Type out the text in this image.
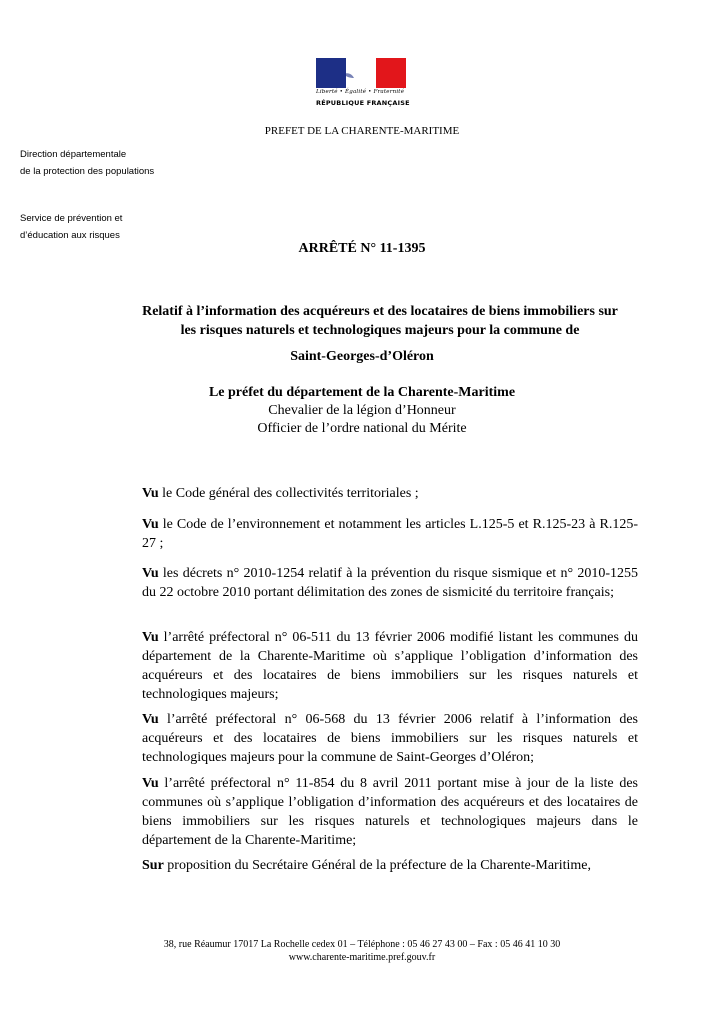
Liberté • Égalité • Fraternité
RÉPUBLIQUE FRANÇAISE
PREFET DE LA CHARENTE-MARITIME
Direction départementale
de la protection des populations
Service de prévention et
d’éducation aux risques
ARRÊTÉ N° 11-1395
Relatif à l’information des acquéreurs et des locataires de biens immobiliers sur
les risques naturels et technologiques majeurs pour la commune de
Saint-Georges-d’Oléron
Le préfet du département de la Charente-Maritime
Chevalier de la légion d’Honneur
Officier de l’ordre national du Mérite
Vu le Code général des collectivités territoriales ;
Vu le Code de l’environnement et notamment les articles L.125-5 et R.125-23 à R.125-27 ;
Vu les décrets n° 2010-1254 relatif à la prévention du risque sismique et n° 2010-1255 du 22 octobre 2010 portant délimitation des zones de sismicité du territoire français;
Vu l’arrêté préfectoral n° 06-511 du 13 février 2006 modifié listant les communes du département de la Charente-Maritime où s’applique l’obligation d’information des acquéreurs et des locataires de biens immobiliers sur les risques naturels et technologiques majeurs;
Vu l’arrêté préfectoral n° 06-568 du 13 février 2006 relatif à l’information des acquéreurs et des locataires de biens immobiliers sur les risques naturels et technologiques majeurs pour la commune de Saint-Georges d’Oléron;
Vu l’arrêté préfectoral n° 11-854 du 8 avril 2011 portant mise à jour de la liste des communes où s’applique l’obligation d’information des acquéreurs et des locataires de biens immobiliers sur les risques naturels et technologiques majeurs dans le département de la Charente-Maritime;
Sur proposition du Secrétaire Général de la préfecture de la Charente-Maritime,
38, rue Réaumur 17017 La Rochelle cedex 01 – Téléphone : 05 46 27 43 00 – Fax : 05 46 41 10 30
www.charente-maritime.pref.gouv.fr
